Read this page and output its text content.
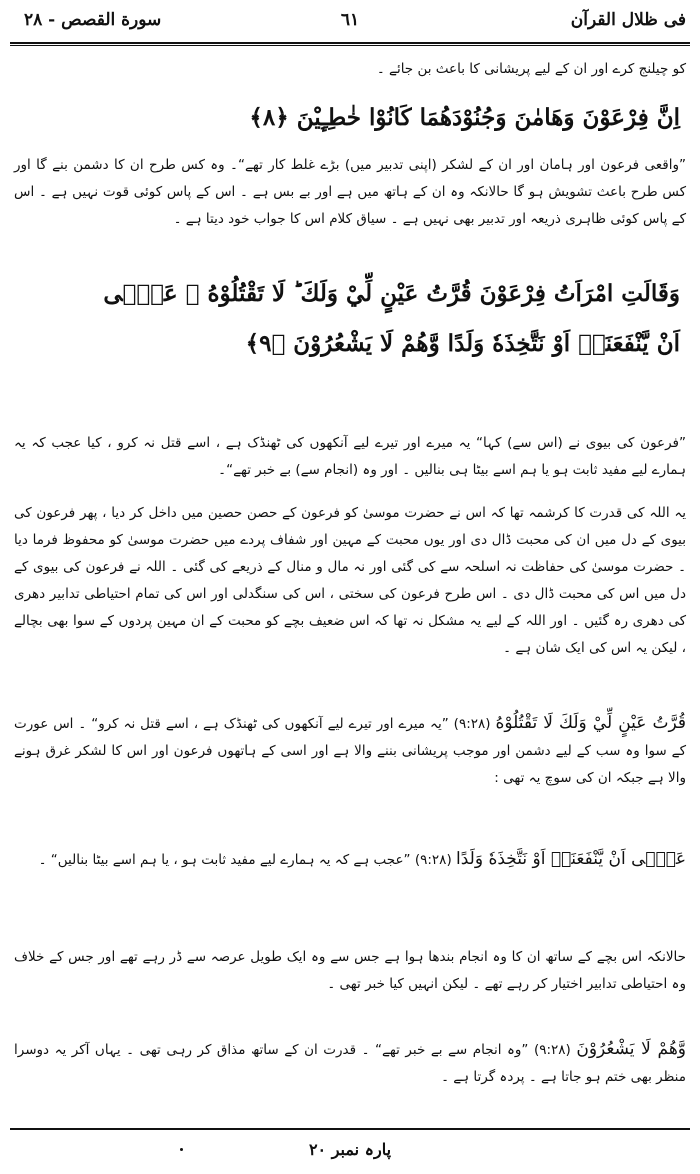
فی ظلال القرآن
٦١
سورة القصص - ۲۸
کو چیلنج کرے اور ان کے لیے پریشانی کا باعث بن جائے ۔
اِنَّ فِرْعَوْنَ وَهَامٰنَ وَجُنُوْدَهُمَا كَانُوْا خٰطِـِٕيْنَ ﴿۸﴾
”واقعی فرعون اور ہامان اور ان کے لشکر (اپنی تدبیر میں) بڑے غلط کار تھے“۔ وہ کس طرح ان کا دشمن بنے گا اور کس طرح باعث تشویش ہو گا حالانکہ وہ ان کے ہاتھ میں ہے اور بے بس ہے ۔ اس کے پاس کوئی قوت نہیں ہے ۔ اس کے پاس کوئی ظاہری ذریعہ اور تدبیر بھی نہیں ہے ۔ سیاق کلام اس کا جواب خود دیتا ہے ۔
وَقَالَتِ امْرَاَتُ فِرْعَوْنَ قُرَّتُ عَيْنٍ لِّيْ وَلَكَ ؕ لَا تَقْتُلُوْهُ ۖ عَسٰۤى
اَنْ يَّنْفَعَنَاۤ اَوْ نَتَّخِذَهٗ وَلَدًا وَّهُمْ لَا يَشْعُرُوْنَ ﴿۹﴾
”فرعون کی بیوی نے (اس سے) کہا“ یہ میرے اور تیرے لیے آنکھوں کی ٹھنڈک ہے ، اسے قتل نہ کرو ، کیا عجب کہ یہ ہمارے لیے مفید ثابت ہو یا ہم اسے بیٹا ہی بنالیں ۔ اور وہ (انجام سے) بے خبر تھے“۔
یہ اللہ کی قدرت کا کرشمہ تھا کہ اس نے حضرت موسیٰ کو فرعون کے حصن حصین میں داخل کر دیا ، پھر فرعون کی بیوی کے دل میں ان کی محبت ڈال دی اور یوں محبت کے مہین اور شفاف پردے میں حضرت موسیٰ کو محفوظ فرما دیا ۔ حضرت موسیٰ کی حفاظت نہ اسلحہ سے کی گئی اور نہ مال و منال کے ذریعے کی گئی ۔ اللہ نے فرعون کی بیوی کے دل میں اس کی محبت ڈال دی ۔ اس طرح فرعون کی سختی ، اس کی سنگدلی اور اس کی تمام احتیاطی تدابیر دھری کی دھری رہ گئیں ۔ اور اللہ کے لیے یہ مشکل نہ تھا کہ اس ضعیف بچے کو محبت کے ان مہین پردوں کے سوا بھی بچالے ، لیکن یہ اس کی ایک شان ہے ۔
قُرَّتُ عَيْنٍ لِّيْ وَلَكَ لَا تَقْتُلُوْهُ (۹:۲۸) ”یہ میرے اور تیرے لیے آنکھوں کی ٹھنڈک ہے ، اسے قتل نہ کرو“ ۔ اس عورت کے سوا وہ سب کے لیے دشمن اور موجب پریشانی بننے والا ہے اور اسی کے ہاتھوں فرعون اور اس کا لشکر غرق ہونے والا ہے جبکہ ان کی سوچ یہ تھی :
عَسٰۤى اَنْ يَّنْفَعَنَاۤ اَوْ نَتَّخِذَهٗ وَلَدًا (۹:۲۸) ”عجب ہے کہ یہ ہمارے لیے مفید ثابت ہو ، یا ہم اسے بیٹا بنالیں“ ۔
حالانکہ اس بچے کے ساتھ ان کا وہ انجام بندھا ہوا ہے جس سے وہ ایک طویل عرصہ سے ڈر رہے تھے اور جس کے خلاف وہ احتیاطی تدابیر اختیار کر رہے تھے ۔ لیکن انہیں کیا خبر تھی ۔
وَّهُمْ لَا يَشْعُرُوْنَ (۹:۲۸) ”وہ انجام سے بے خبر تھے“ ۔ قدرت ان کے ساتھ مذاق کر رہی تھی ۔ یہاں آکر یہ دوسرا منظر بھی ختم ہو جاتا ہے ۔ پردہ گرتا ہے ۔
پارہ نمبر ۲۰
